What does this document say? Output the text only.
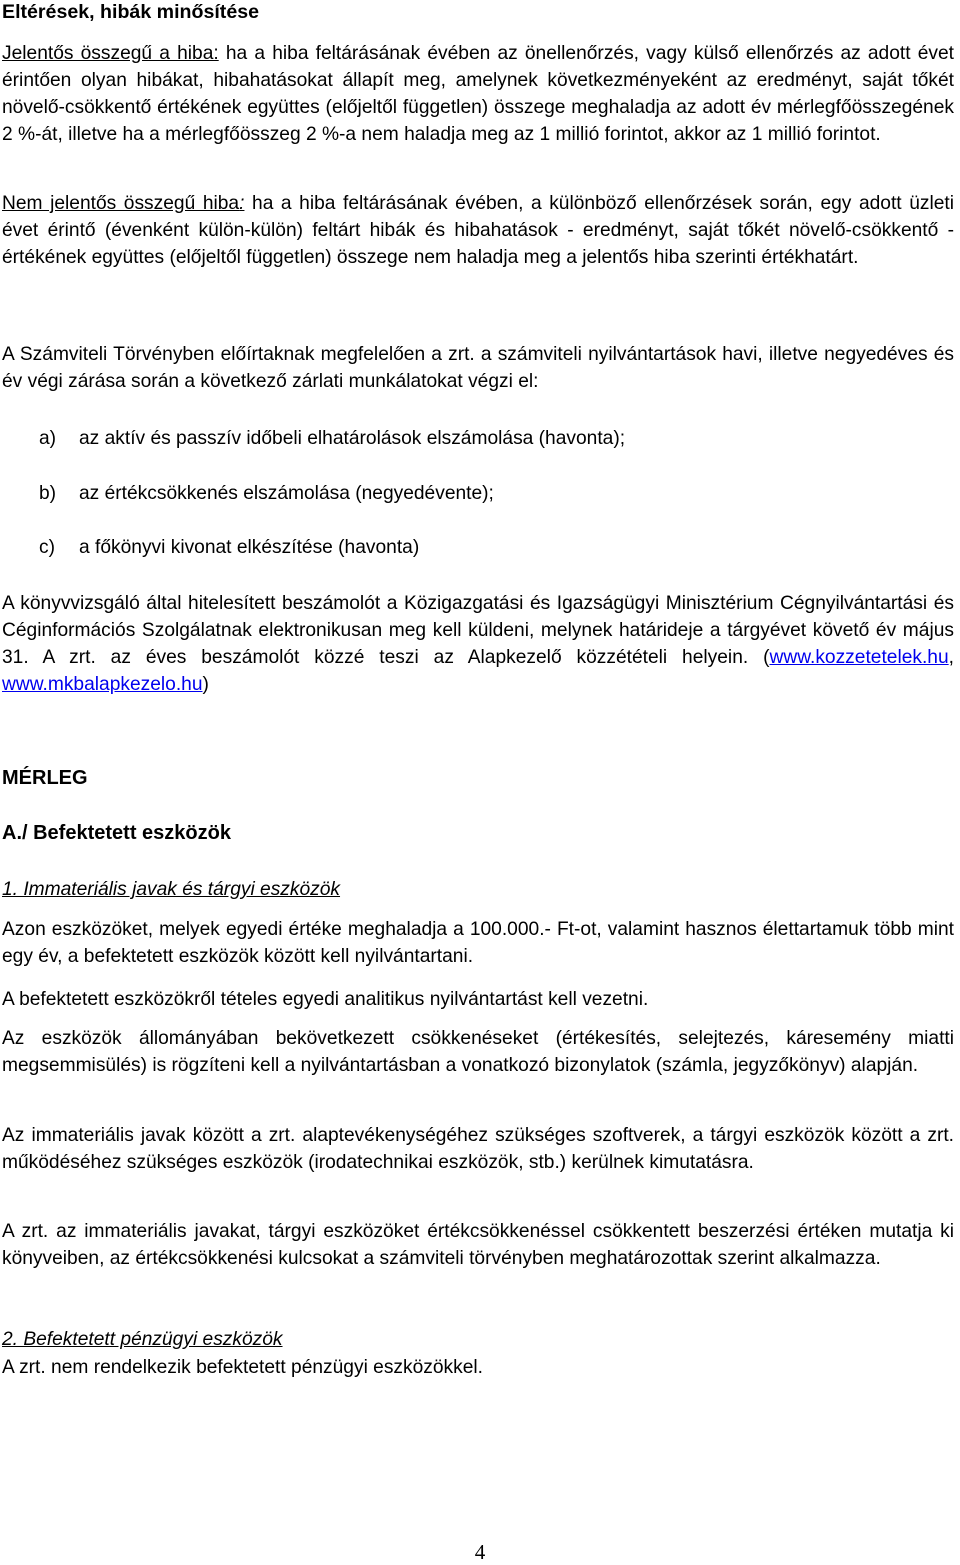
Eltérések, hibák minősítése
Jelentős összegű a hiba: ha a hiba feltárásának évében az önellenőrzés, vagy külső ellenőrzés az adott évet érintően olyan hibákat, hibahatásokat állapít meg, amelynek következményeként az eredményt, saját tőkét növelő-csökkentő értékének együttes (előjeltől független) összege meghaladja az adott év mérlegfőösszegének 2 %-át, illetve ha a mérlegfőösszeg 2 %-a nem haladja meg az 1 millió forintot, akkor az 1 millió forintot.
Nem jelentős összegű hiba: ha a hiba feltárásának évében, a különböző ellenőrzések során, egy adott üzleti évet érintő (évenként külön-külön) feltárt hibák és hibahatások - eredményt, saját tőkét növelő-csökkentő - értékének együttes (előjeltől független) összege nem haladja meg a jelentős hiba szerinti értékhatárt.
A Számviteli Törvényben előírtaknak megfelelően a zrt. a számviteli nyilvántartások havi, illetve negyedéves és év végi zárása során a következő zárlati munkálatokat végzi el:
a) az aktív és passzív időbeli elhatárolások elszámolása (havonta);
b) az értékcsökkenés elszámolása (negyedévente);
c) a főkönyvi kivonat elkészítése (havonta)
A könyvvizsgáló által hitelesített beszámolót a Közigazgatási és Igazságügyi Minisztérium Cégnyilvántartási és Céginformációs Szolgálatnak elektronikusan meg kell küldeni, melynek határideje a tárgyévet követő év május 31. A zrt. az éves beszámolót közzé teszi az Alapkezelő közzétételi helyein. (www.kozzetetelek.hu, www.mkbalapkezelo.hu)
MÉRLEG
A./ Befektetett eszközök
1. Immateriális javak és tárgyi eszközök
Azon eszközöket, melyek egyedi értéke meghaladja a 100.000.- Ft-ot, valamint hasznos élettartamuk több mint egy év, a befektetett eszközök között kell nyilvántartani.
A befektetett eszközökről tételes egyedi analitikus nyilvántartást kell vezetni.
Az eszközök állományában bekövetkezett csökkenéseket (értékesítés, selejtezés, káresemény miatti megsemmisülés) is rögzíteni kell a nyilvántartásban a vonatkozó bizonylatok (számla, jegyzőkönyv) alapján.
Az immateriális javak között a zrt. alaptevékenységéhez szükséges szoftverek, a tárgyi eszközök között a zrt. működéséhez szükséges eszközök (irodatechnikai eszközök, stb.) kerülnek kimutatásra.
A zrt. az immateriális javakat, tárgyi eszközöket értékcsökkenéssel csökkentett beszerzési értéken mutatja ki könyveiben, az értékcsökkenési kulcsokat a számviteli törvényben meghatározottak szerint alkalmazza.
2. Befektetett pénzügyi eszközök
A zrt. nem rendelkezik befektetett pénzügyi eszközökkel.
4
